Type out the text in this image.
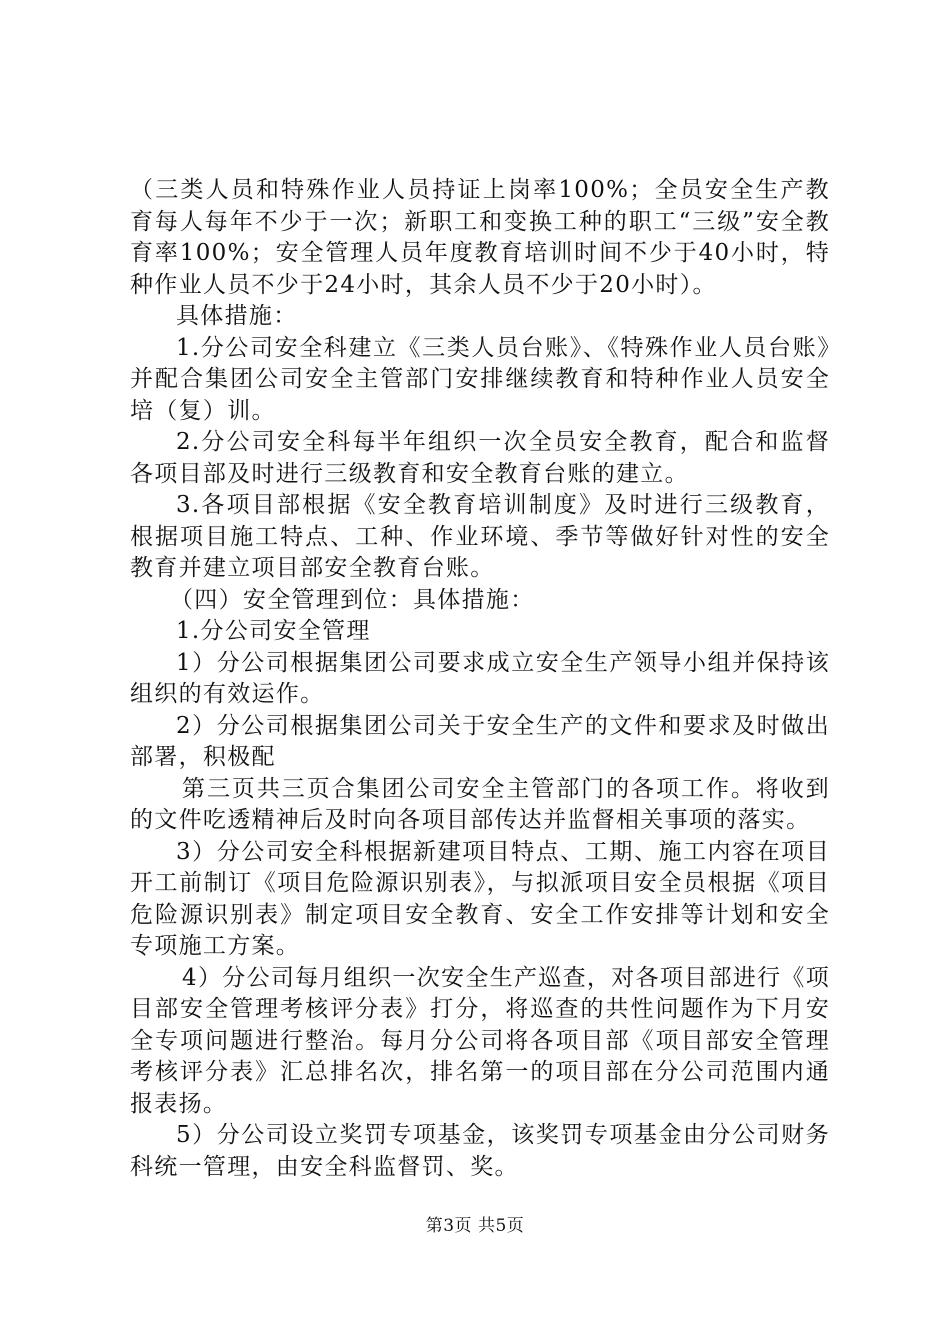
（三类人员和特殊作业人员持证上岗率100%；全员安全生产教育每人每年不少于一次；新职工和变换工种的职工“三级”安全教育率100%；安全管理人员年度教育培训时间不少于40小时，特种作业人员不少于24小时，其余人员不少于20小时）。

具体措施：

1.分公司安全科建立《三类人员台账》、《特殊作业人员台账》并配合集团公司安全主管部门安排继续教育和特种作业人员安全培（复）训。

2.分公司安全科每半年组织一次全员安全教育，配合和监督各项目部及时进行三级教育和安全教育台账的建立。

3.各项目部根据《安全教育培训制度》及时进行三级教育，根据项目施工特点、工种、作业环境、季节等做好针对性的安全教育并建立项目部安全教育台账。

（四）安全管理到位：具体措施：

1.分公司安全管理

1）分公司根据集团公司要求成立安全生产领导小组并保持该组织的有效运作。

2）分公司根据集团公司关于安全生产的文件和要求及时做出部署，积极配

第三页共三页合集团公司安全主管部门的各项工作。将收到的文件吃透精神后及时向各项目部传达并监督相关事项的落实。

3）分公司安全科根据新建项目特点、工期、施工内容在项目开工前制订《项目危险源识别表》，与拟派项目安全员根据《项目危险源识别表》制定项目安全教育、安全工作安排等计划和安全专项施工方案。

4）分公司每月组织一次安全生产巡查，对各项目部进行《项目部安全管理考核评分表》打分，将巡查的共性问题作为下月安全专项问题进行整治。每月分公司将各项目部《项目部安全管理考核评分表》汇总排名次，排名第一的项目部在分公司范围内通报表扬。

5）分公司设立奖罚专项基金，该奖罚专项基金由分公司财务科统一管理，由安全科监督罚、奖。

第3页 共5页
